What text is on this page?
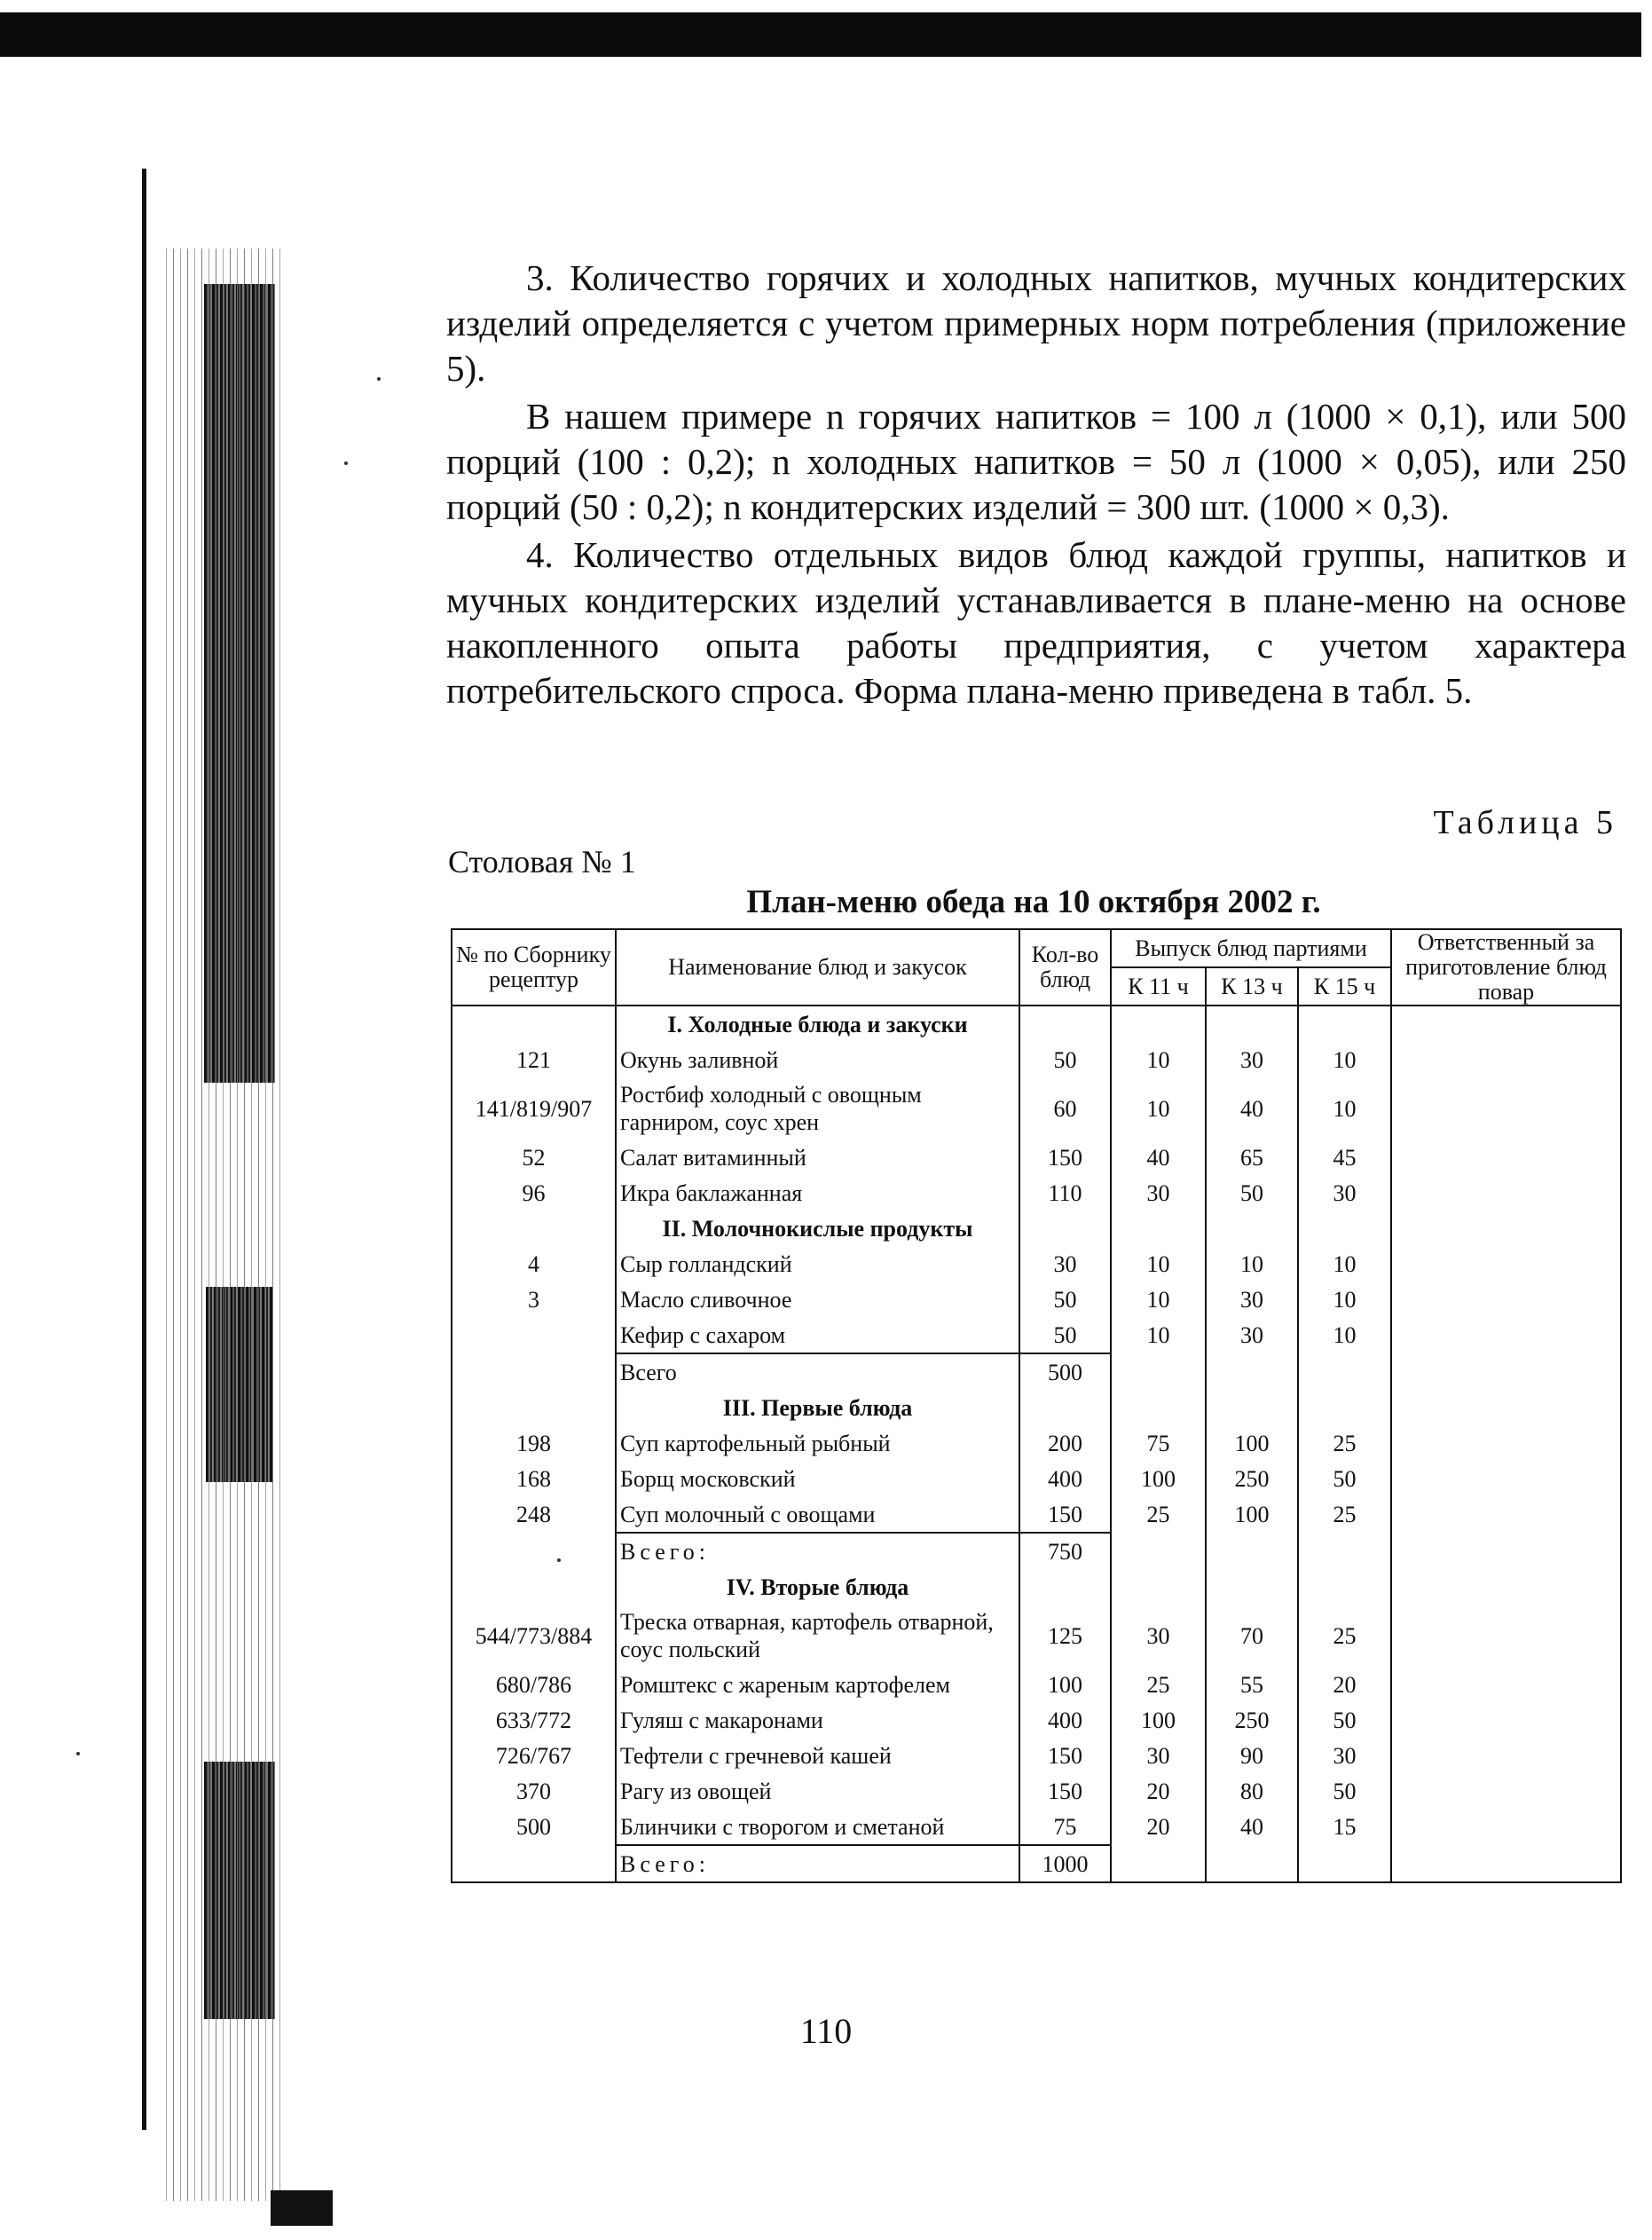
3. Количество горячих и холодных напитков, мучных кондитерских изделий определяется с учетом примерных норм потребления (приложение 5).

В нашем примере n горячих напитков = 100 л (1000 × 0,1), или 500 порций (100 : 0,2); n холодных напитков = 50 л (1000 × 0,05), или 250 порций (50 : 0,2); n кондитерских изделий = 300 шт. (1000 × 0,3).

4. Количество отдельных видов блюд каждой группы, напитков и мучных кондитерских изделий устанавливается в плане-меню на основе накопленного опыта работы предприятия, с учетом характера потребительского спроса. Форма плана-меню приведена в табл. 5.

Таблица 5
Столовая № 1
План-меню обеда на 10 октября 2002 г.
№ по Сборнику рецептур	Наименование блюд и закусок	Кол-во блюд	Выпуск блюд партиями			Ответственный за приготовление блюд повар
			К 11 ч	К 13 ч	К 15 ч	
	I. Холодные блюда и закуски					
121	Окунь заливной	50	10	30	10	
141/819/907	Ростбиф холодный с овощным гарниром, соус хрен	60	10	40	10	
52	Салат витаминный	150	40	65	45	
96	Икра баклажанная	110	30	50	30	
	II. Молочнокислые продукты					
4	Сыр голландский	30	10	10	10	
3	Масло сливочное	50	10	30	10	
	Кефир с сахаром	50	10	30	10	
	Всего	500				
	III. Первые блюда					
198	Суп картофельный рыбный	200	75	100	25	
168	Борщ московский	400	100	250	50	
248	Суп молочный с овощами	150	25	100	25	
	Всего:	750				
	IV. Вторые блюда					
544/773/884	Треска отварная, картофель отварной, соус польский	125	30	70	25	
680/786	Ромштекс с жареным картофелем	100	25	55	20	
633/772	Гуляш с макаронами	400	100	250	50	
726/767	Тефтели с гречневой кашей	150	30	90	30	
370	Рагу из овощей	150	20	80	50	
500	Блинчики с творогом и сметаной	75	20	40	15	
	Всего:	1000				
110
